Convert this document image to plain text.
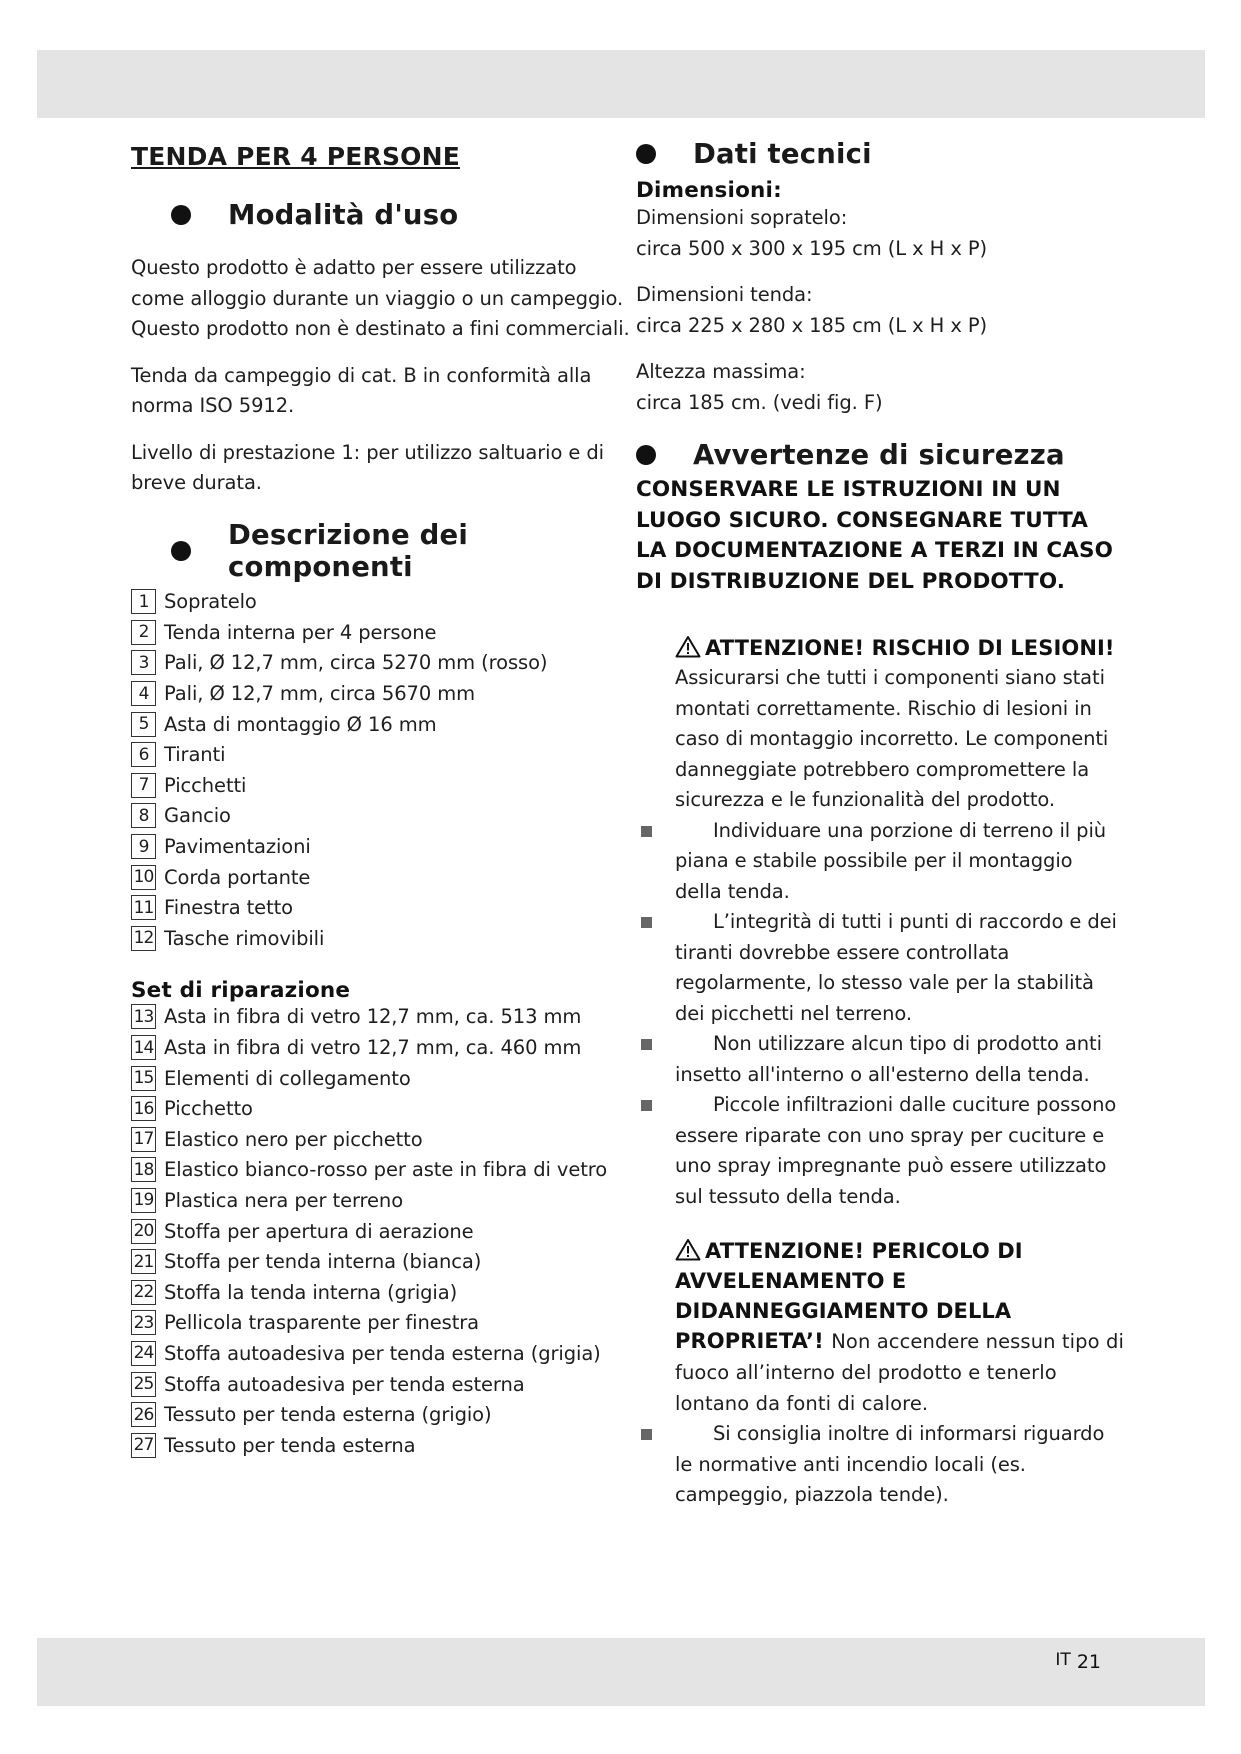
TENDA PER 4 PERSONE
Modalità d'uso

Questo prodotto è adatto per essere utilizzato come alloggio durante un viaggio o un campeggio. Questo prodotto non è destinato a fini commerciali.

Tenda da campeggio di cat. B in conformità alla norma ISO 5912.

Livello di prestazione 1: per utilizzo saltuario e di breve durata.

Descrizione dei componenti
1 Sopratelo
2 Tenda interna per 4 persone
3 Pali, Ø 12,7 mm, circa 5270 mm (rosso)
4 Pali, Ø 12,7 mm, circa 5670 mm
5 Asta di montaggio Ø 16 mm
6 Tiranti
7 Picchetti
8 Gancio
9 Pavimentazioni
10 Corda portante
11 Finestra tetto
12 Tasche rimovibili
Set di riparazione
13 Asta in fibra di vetro 12,7 mm, ca. 513 mm
14 Asta in fibra di vetro 12,7 mm, ca. 460 mm
15 Elementi di collegamento
16 Picchetto
17 Elastico nero per picchetto
18 Elastico bianco-rosso per aste in fibra di vetro
19 Plastica nera per terreno
20 Stoffa per apertura di aerazione
21 Stoffa per tenda interna (bianca)
22 Stoffa la tenda interna (grigia)
23 Pellicola trasparente per finestra
24 Stoffa autoadesiva per tenda esterna (grigia)
25 Stoffa autoadesiva per tenda esterna
26 Tessuto per tenda esterna (grigio)
27 Tessuto per tenda esterna
Dati tecnici
Dimensioni:

Dimensioni sopratelo:

circa 500 x 300 x 195 cm (L x H x P)

Dimensioni tenda:

circa 225 x 280 x 185 cm (L x H x P)

Altezza massima:

circa 185 cm. (vedi fig. F)

Avvertenze di sicurezza

CONSERVARE LE ISTRUZIONI IN UN LUOGO SICURO. CONSEGNARE TUTTA LA DOCUMENTAZIONE A TERZI IN CASO DI DISTRIBUZIONE DEL PRODOTTO.

ATTENZIONE! RISCHIO DI LESIONI!

Assicurarsi che tutti i componenti siano stati montati correttamente. Rischio di lesioni in caso di montaggio incorretto. Le componenti danneggiate potrebbero compromettere la sicurezza e le funzionalità del prodotto.

Individuare una porzione di terreno il più piana e stabile possibile per il montaggio della tenda.

L’integrità di tutti i punti di raccordo e dei tiranti dovrebbe essere controllata regolarmente, lo stesso vale per la stabilità dei picchetti nel terreno.

Non utilizzare alcun tipo di prodotto anti insetto all'interno o all'esterno della tenda.

Piccole infiltrazioni dalle cuciture possono essere riparate con uno spray per cuciture e uno spray impregnante può essere utilizzato sul tessuto della tenda.

ATTENZIONE! PERICOLO DI AVVELENAMENTO E DIDANNEGGIAMENTO DELLA PROPRIETA’! Non accendere nessun tipo di fuoco all’interno del prodotto e tenerlo lontano da fonti di calore.

Si consiglia inoltre di informarsi riguardo le normative anti incendio locali (es. campeggio, piazzola tende).

IT 21
